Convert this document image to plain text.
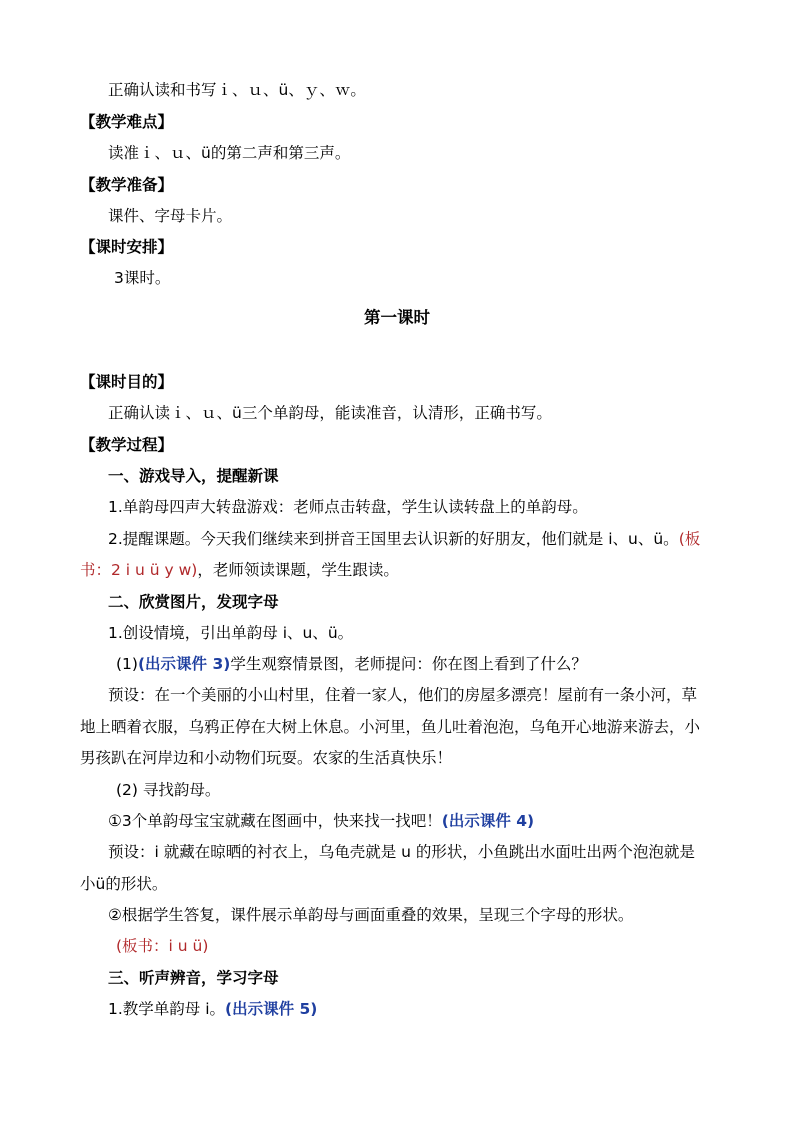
正确认读和书写ｉ、ｕ、ü、ｙ、ｗ。
【教学难点】
读准ｉ、ｕ、ü的第二声和第三声。
【教学准备】
课件、字母卡片。
【课时安排】
3课时。
第一课时
【课时目的】
正确认读ｉ、ｕ、ü三个单韵母，能读准音，认清形，正确书写。
【教学过程】
一、游戏导入，提醒新课
1.单韵母四声大转盘游戏：老师点击转盘，学生认读转盘上的单韵母。
2.提醒课题。今天我们继续来到拼音王国里去认识新的好朋友，他们就是 i、u、ü。(板
书：2 i u ü y w)，老师领读课题，学生跟读。
二、欣赏图片，发现字母
1.创设情境，引出单韵母 i、u、ü。
(1)(出示课件 3)学生观察情景图，老师提问：你在图上看到了什么？
预设：在一个美丽的小山村里，住着一家人，他们的房屋多漂亮！屋前有一条小河，草
地上晒着衣服，乌鸦正停在大树上休息。小河里，鱼儿吐着泡泡，乌龟开心地游来游去，小
男孩趴在河岸边和小动物们玩耍。农家的生活真快乐！
(2) 寻找韵母。
①3个单韵母宝宝就藏在图画中，快来找一找吧！(出示课件 4)
预设：i 就藏在晾晒的衬衣上，乌龟壳就是 u 的形状，小鱼跳出水面吐出两个泡泡就是
小ü的形状。
②根据学生答复，课件展示单韵母与画面重叠的效果，呈现三个字母的形状。
(板书：i u ü)
三、听声辨音，学习字母
1.教学单韵母 i。(出示课件 5)
